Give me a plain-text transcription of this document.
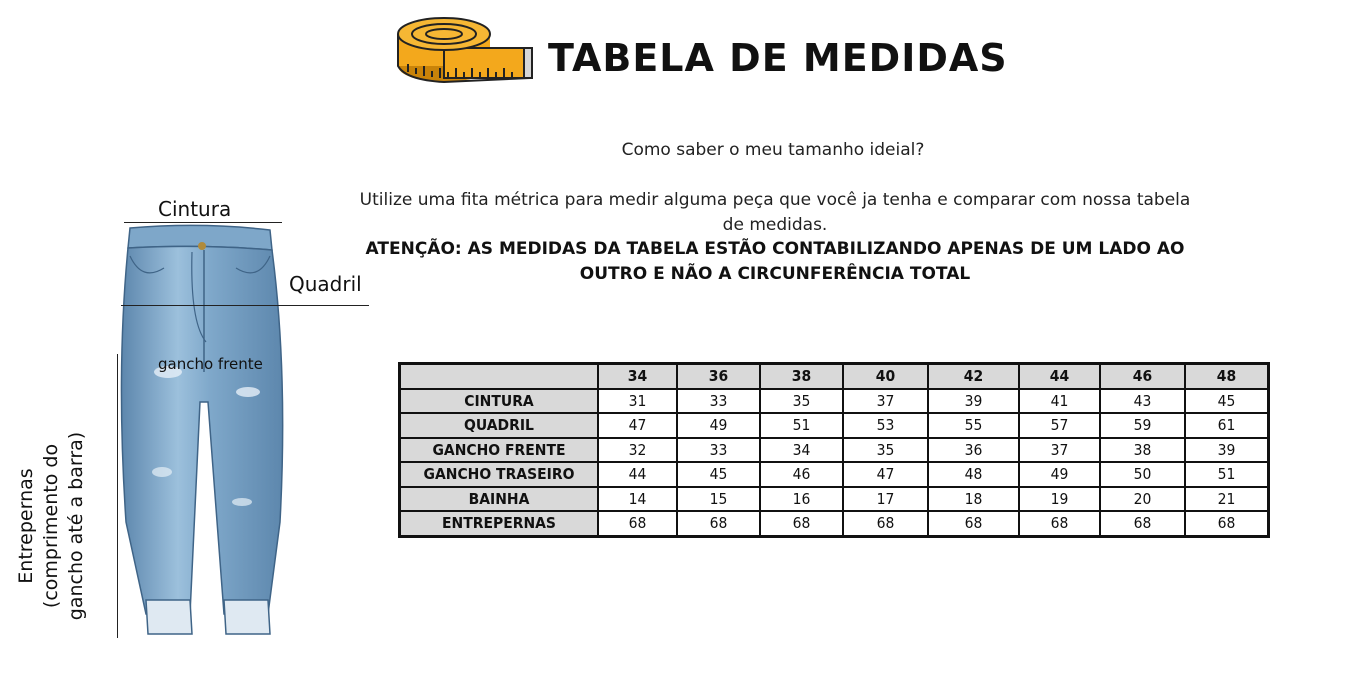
TABELA DE MEDIDAS
Como saber o meu tamanho ideial?
Utilize uma fita métrica para medir alguma peça que você ja tenha e comparar com nossa tabela de medidas.
ATENÇÃO: AS MEDIDAS DA TABELA ESTÃO CONTABILIZANDO APENAS DE UM LADO AO OUTRO E NÃO A CIRCUNFERÊNCIA TOTAL
Cintura
Quadril
gancho frente
Entrepernas (comprimento do gancho até a barra)
	34	36	38	40	42	44	46	48
CINTURA	31	33	35	37	39	41	43	45
QUADRIL	47	49	51	53	55	57	59	61
GANCHO FRENTE	32	33	34	35	36	37	38	39
GANCHO TRASEIRO	44	45	46	47	48	49	50	51
BAINHA	14	15	16	17	18	19	20	21
ENTREPERNAS	68	68	68	68	68	68	68	68
